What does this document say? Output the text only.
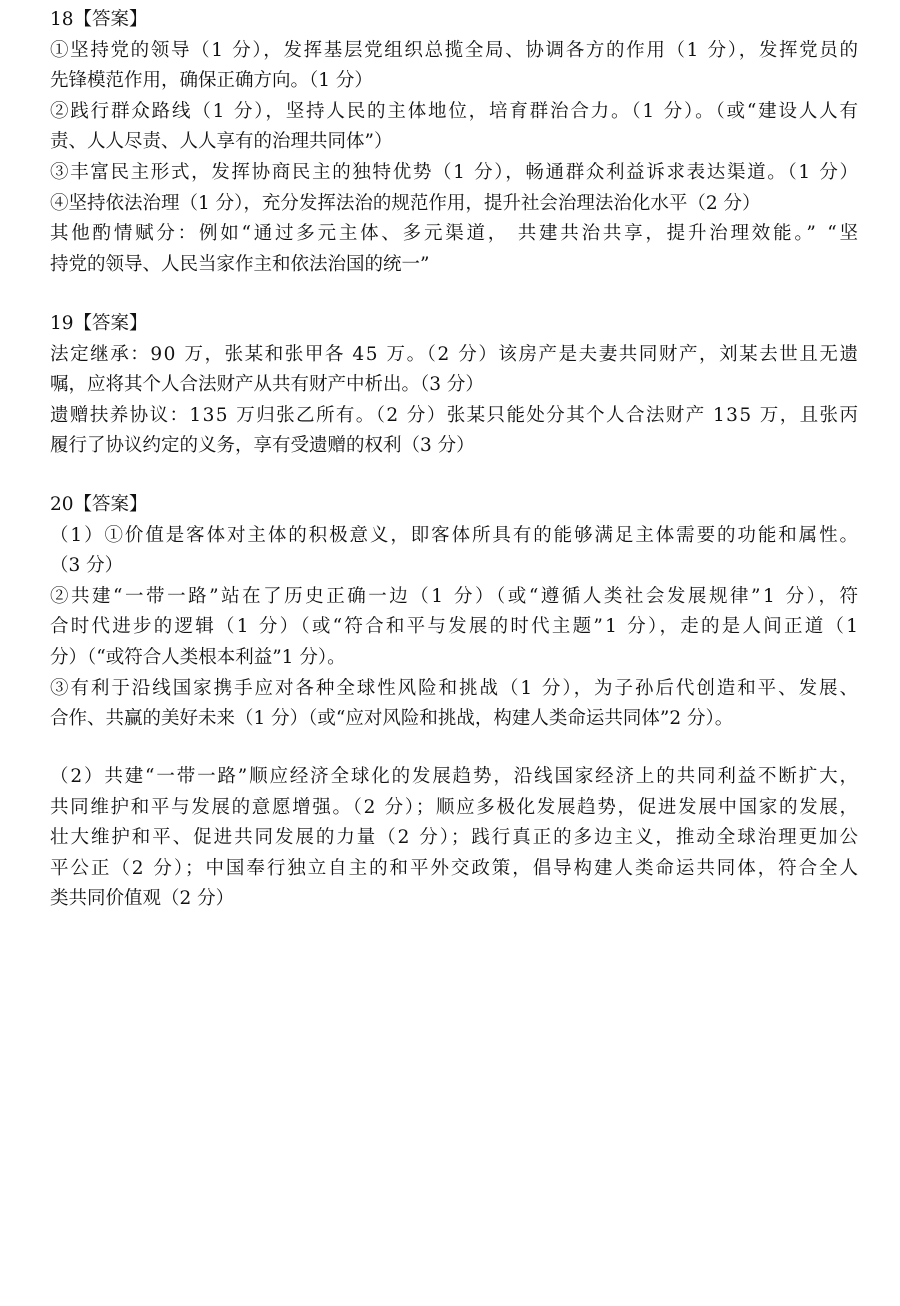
18【答案】
①坚持党的领导（1 分），发挥基层党组织总揽全局、协调各方的作用（1 分），发挥党员的
先锋模范作用，确保正确方向。（1 分）
②践行群众路线（1 分），坚持人民的主体地位，培育群治合力。（1 分）。（或“建设人人有
责、人人尽责、人人享有的治理共同体”）
③丰富民主形式，发挥协商民主的独特优势（1 分），畅通群众利益诉求表达渠道。（1 分）
④坚持依法治理（1 分），充分发挥法治的规范作用，提升社会治理法治化水平（2 分）
其他酌情赋分：例如“通过多元主体、多元渠道， 共建共治共享，提升治理效能。” “坚
持党的领导、人民当家作主和依法治国的统一”
19【答案】
法定继承：90 万，张某和张甲各 45 万。（2 分）该房产是夫妻共同财产，刘某去世且无遗
嘱，应将其个人合法财产从共有财产中析出。（3 分）
遗赠扶养协议：135 万归张乙所有。（2 分）张某只能处分其个人合法财产 135 万，且张丙
履行了协议约定的义务，享有受遗赠的权利（3 分）
20【答案】
（1）①价值是客体对主体的积极意义，即客体所具有的能够满足主体需要的功能和属性。
（3 分）
②共建“一带一路”站在了历史正确一边（1 分）（或“遵循人类社会发展规律”1 分），符
合时代进步的逻辑（1 分）（或“符合和平与发展的时代主题”1 分），走的是人间正道（1
分）（“或符合人类根本利益”1 分）。
③有利于沿线国家携手应对各种全球性风险和挑战（1 分），为子孙后代创造和平、发展、
合作、共赢的美好未来（1 分）（或“应对风险和挑战，构建人类命运共同体”2 分）。
（2）共建“一带一路”顺应经济全球化的发展趋势，沿线国家经济上的共同利益不断扩大，
共同维护和平与发展的意愿增强。（2 分）；顺应多极化发展趋势，促进发展中国家的发展，
壮大维护和平、促进共同发展的力量（2 分）；践行真正的多边主义，推动全球治理更加公
平公正（2 分）；中国奉行独立自主的和平外交政策，倡导构建人类命运共同体，符合全人
类共同价值观（2 分）
